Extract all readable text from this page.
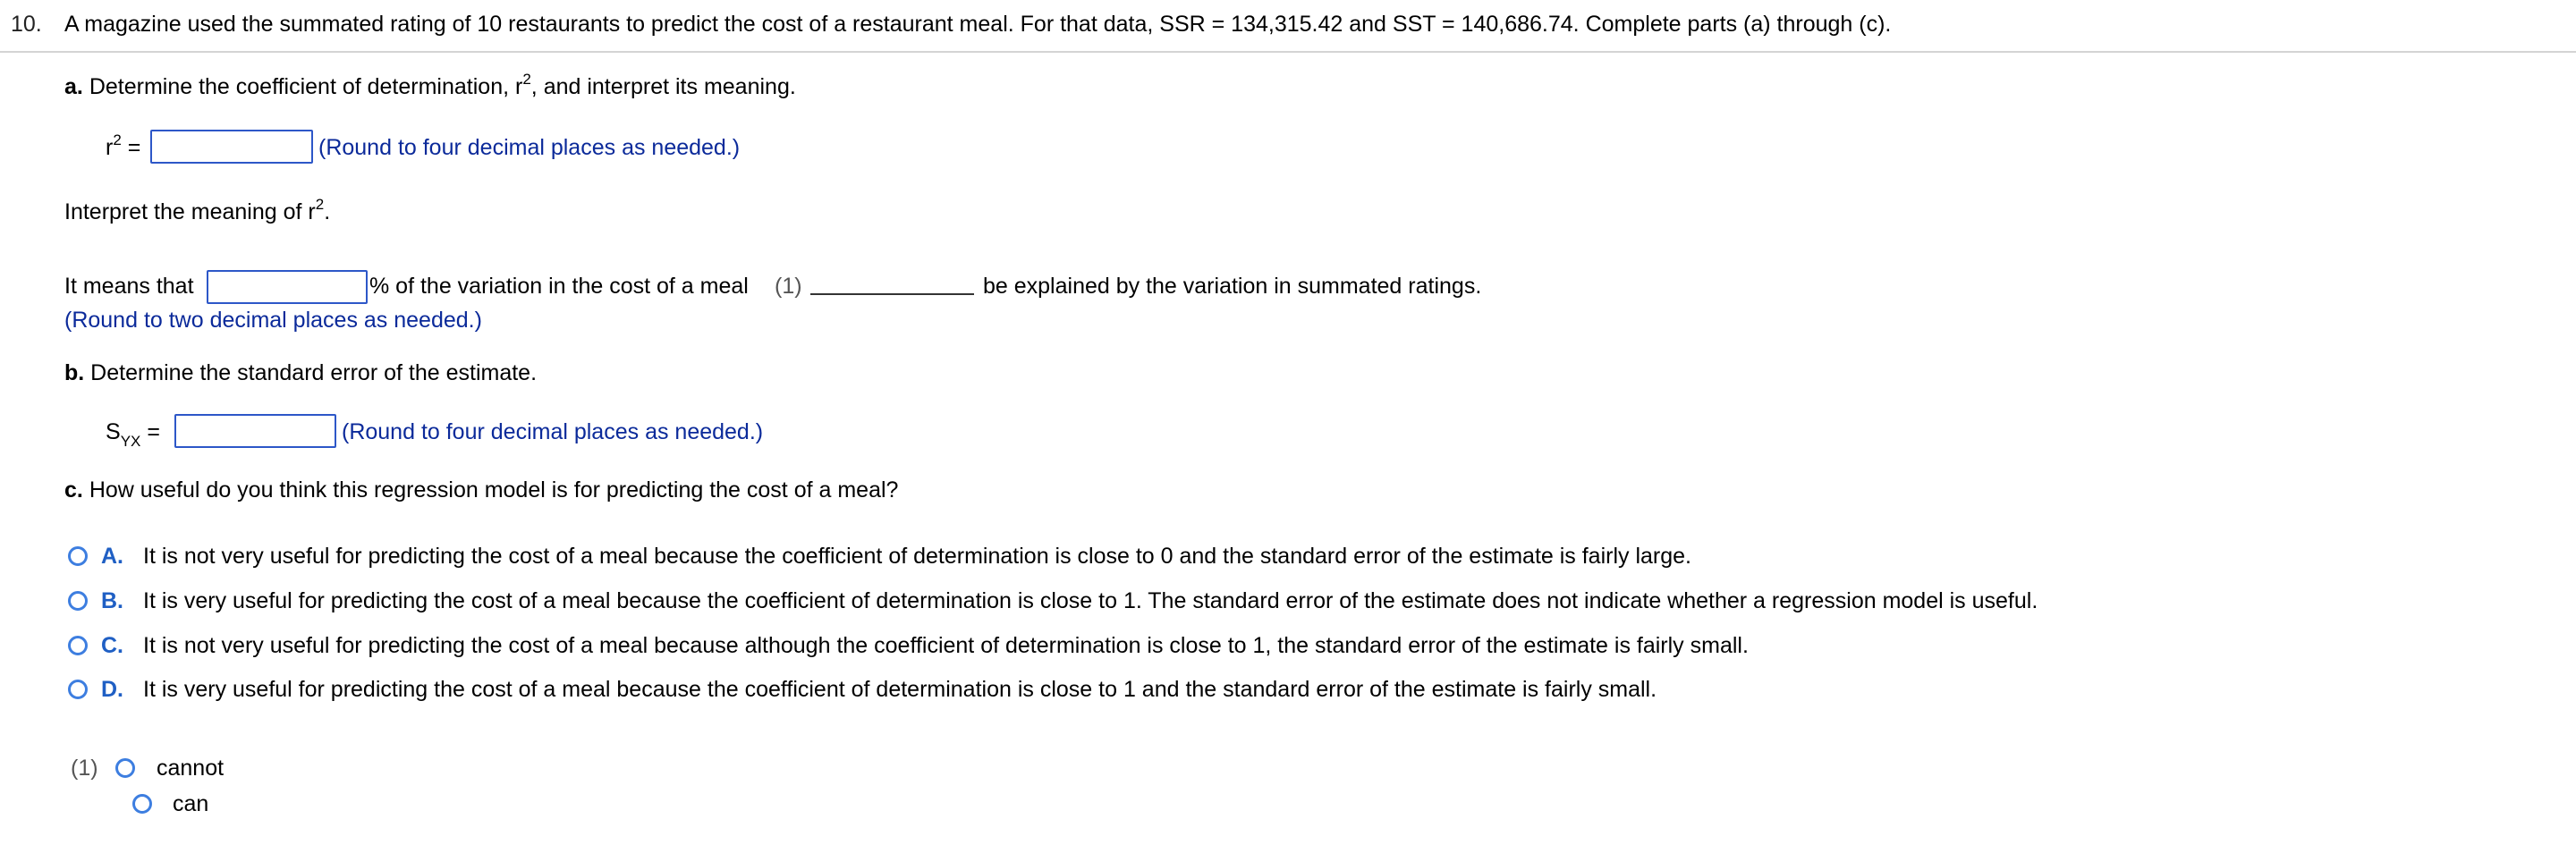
10. A magazine used the summated rating of 10 restaurants to predict the cost of a restaurant meal. For that data, SSR = 134,315.42 and SST = 140,686.74. Complete parts (a) through (c).
a. Determine the coefficient of determination, $r^2$, and interpret its meaning.
$r^2$ =	(Round to four decimal places as needed.)
Interpret the meaning of $r^2$.
It means that	% of the variation in the cost of a meal (1)	be explained by the variation in summated ratings.
(Round to two decimal places as needed.)
b. Determine the standard error of the estimate.
$S_{YX}$ =	(Round to four decimal places as needed.)
c. How useful do you think this regression model is for predicting the cost of a meal?
A. It is not very useful for predicting the cost of a meal because the coefficient of determination is close to 0 and the standard error of the estimate is fairly large.
B. It is very useful for predicting the cost of a meal because the coefficient of determination is close to 1. The standard error of the estimate does not indicate whether a regression model is useful.
C. It is not very useful for predicting the cost of a meal because although the coefficient of determination is close to 1, the standard error of the estimate is fairly small.
D. It is very useful for predicting the cost of a meal because the coefficient of determination is close to 1 and the standard error of the estimate is fairly small.
(1)	cannot
can
